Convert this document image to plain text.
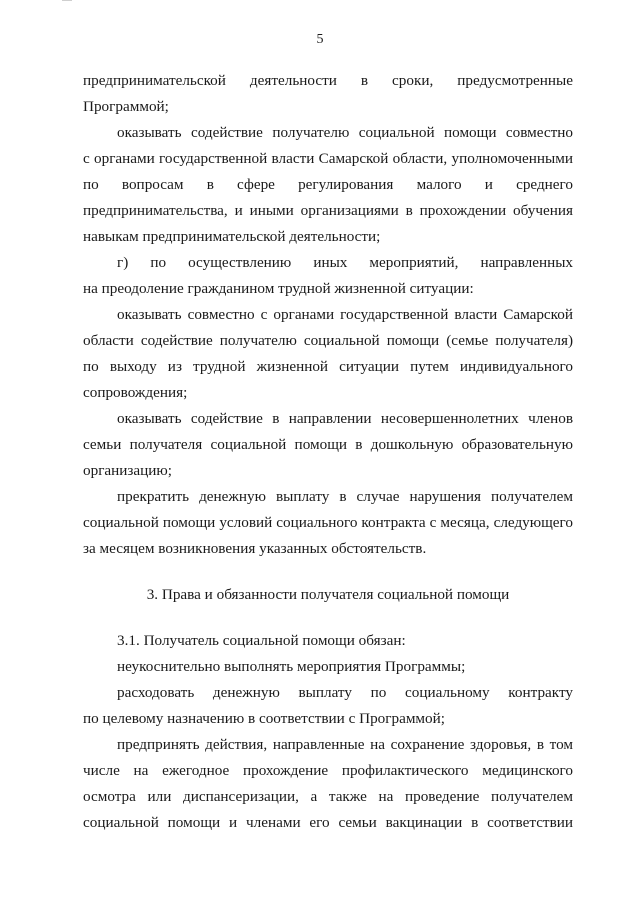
5

предпринимательской деятельности в сроки, предусмотренные
Программой;

оказывать содействие получателю социальной помощи совместно
с органами государственной власти Самарской области, уполномоченными
по вопросам в сфере регулирования малого и среднего
предпринимательства, и иными организациями в прохождении обучения
навыкам предпринимательской деятельности;

г) по осуществлению иных мероприятий, направленных
на преодоление гражданином трудной жизненной ситуации:

оказывать совместно с органами государственной власти Самарской
области содействие получателю социальной помощи (семье получателя)
по выходу из трудной жизненной ситуации путем индивидуального
сопровождения;

оказывать содействие в направлении несовершеннолетних членов
семьи получателя социальной помощи в дошкольную образовательную
организацию;

прекратить денежную выплату в случае нарушения получателем
социальной помощи условий социального контракта с месяца, следующего
за месяцем возникновения указанных обстоятельств.

3. Права и обязанности получателя социальной помощи

3.1. Получатель социальной помощи обязан:

неукоснительно выполнять мероприятия Программы;

расходовать денежную выплату по социальному контракту
по целевому назначению в соответствии с Программой;

предпринять действия, направленные на сохранение здоровья, в том
числе на ежегодное прохождение профилактического медицинского
осмотра или диспансеризации, а также на проведение получателем
социальной помощи и членами его семьи вакцинации в соответствии
